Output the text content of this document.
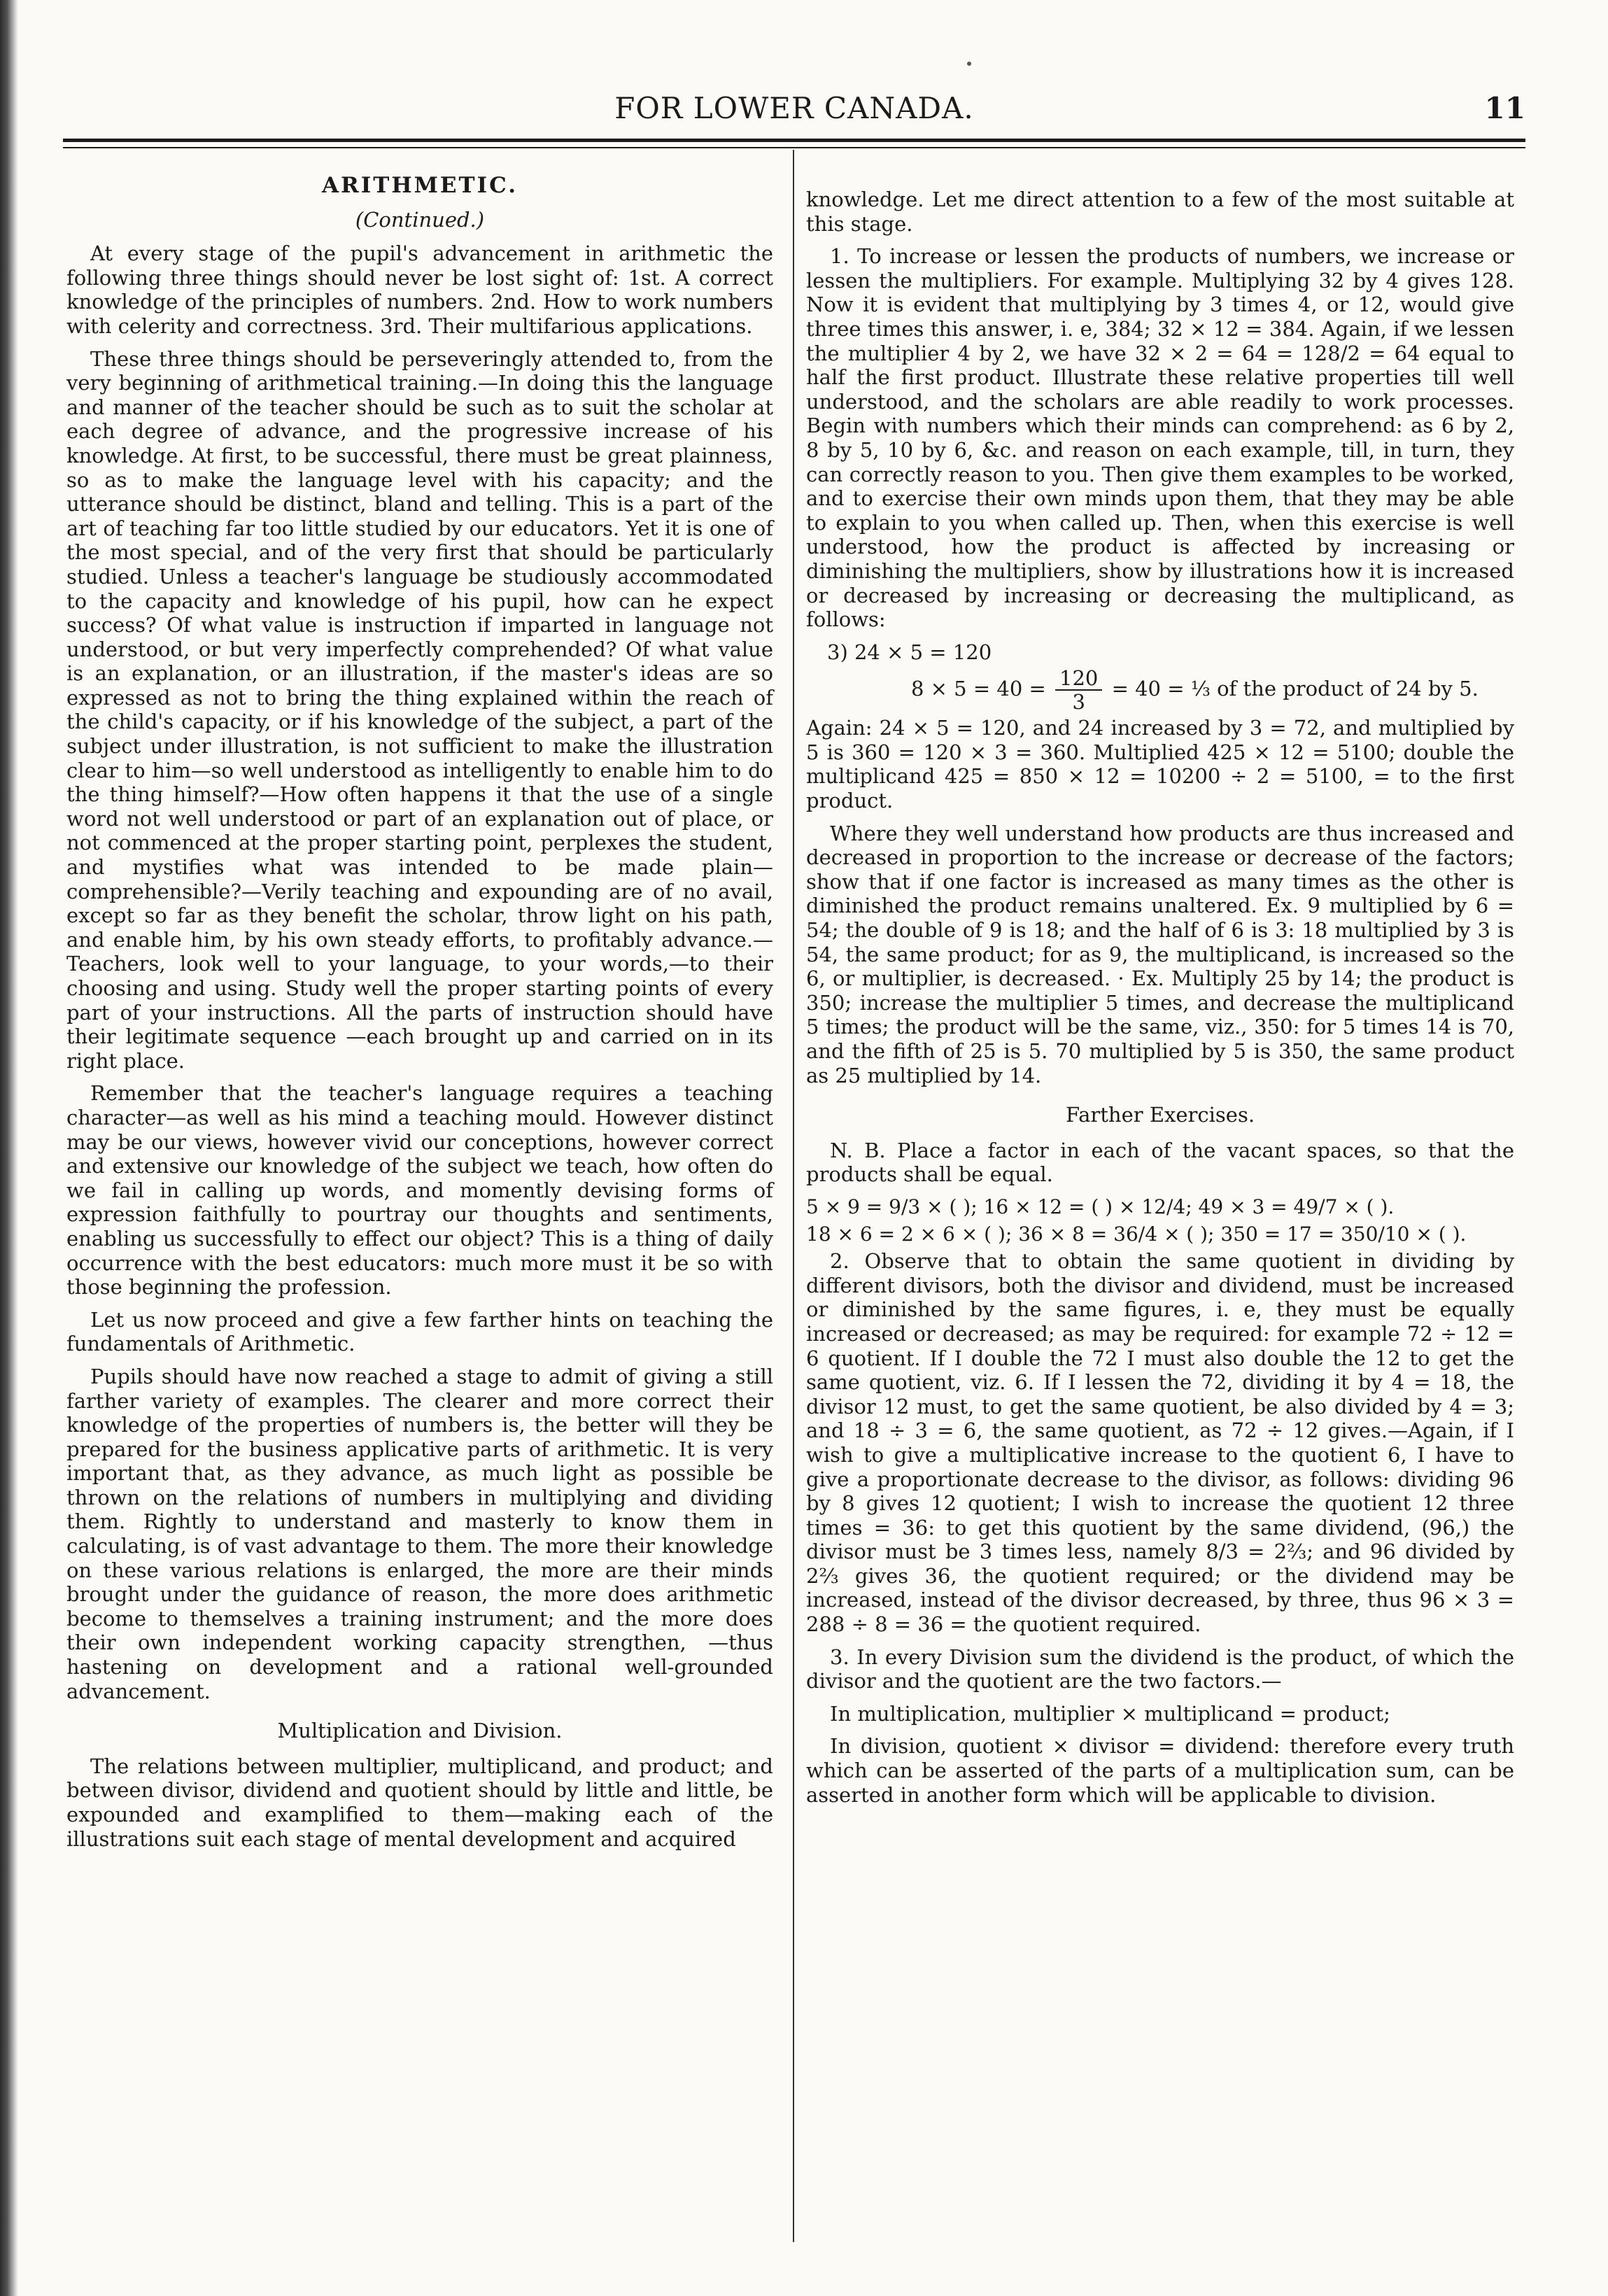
FOR LOWER CANADA.	11
ARITHMETIC.
(Continued.)

At every stage of the pupil's advancement in arithmetic the following three things should never be lost sight of: 1st. A correct knowledge of the principles of numbers. 2nd. How to work numbers with celerity and correctness. 3rd. Their multifarious applications.

These three things should be perseveringly attended to, from the very beginning of arithmetical training.—In doing this the language and manner of the teacher should be such as to suit the scholar at each degree of advance, and the progressive increase of his knowledge. At first, to be successful, there must be great plainness, so as to make the language level with his capacity; and the utterance should be distinct, bland and telling. This is a part of the art of teaching far too little studied by our educators. Yet it is one of the most special, and of the very first that should be particularly studied. Unless a teacher's language be studiously accommodated to the capacity and knowledge of his pupil, how can he expect success? Of what value is instruction if imparted in language not understood, or but very imperfectly comprehended? Of what value is an explanation, or an illustration, if the master's ideas are so expressed as not to bring the thing explained within the reach of the child's capacity, or if his knowledge of the subject, a part of the subject under illustration, is not sufficient to make the illustration clear to him—so well understood as intelligently to enable him to do the thing himself?—How often happens it that the use of a single word not well understood or part of an explanation out of place, or not commenced at the proper starting point, perplexes the student, and mystifies what was intended to be made plain—comprehensible?—Verily teaching and expounding are of no avail, except so far as they benefit the scholar, throw light on his path, and enable him, by his own steady efforts, to profitably advance.—Teachers, look well to your language, to your words,—to their choosing and using. Study well the proper starting points of every part of your instructions. All the parts of instruction should have their legitimate sequence —each brought up and carried on in its right place.

Remember that the teacher's language requires a teaching character—as well as his mind a teaching mould. However distinct may be our views, however vivid our conceptions, however correct and extensive our knowledge of the subject we teach, how often do we fail in calling up words, and momently devising forms of expression faithfully to pourtray our thoughts and sentiments, enabling us successfully to effect our object? This is a thing of daily occurrence with the best educators: much more must it be so with those beginning the profession.

Let us now proceed and give a few farther hints on teaching the fundamentals of Arithmetic.

Pupils should have now reached a stage to admit of giving a still farther variety of examples. The clearer and more correct their knowledge of the properties of numbers is, the better will they be prepared for the business applicative parts of arithmetic. It is very important that, as they advance, as much light as possible be thrown on the relations of numbers in multiplying and dividing them. Rightly to understand and masterly to know them in calculating, is of vast advantage to them. The more their knowledge on these various relations is enlarged, the more are their minds brought under the guidance of reason, the more does arithmetic become to themselves a training instrument; and the more does their own independent working capacity strengthen, —thus hastening on development and a rational well-grounded advancement.

Multiplication and Division.

The relations between multiplier, multiplicand, and product; and between divisor, dividend and quotient should by little and little, be expounded and examplified to them—making each of the illustrations suit each stage of mental development and acquired

knowledge. Let me direct attention to a few of the most suitable at this stage.

1. To increase or lessen the products of numbers, we increase or lessen the multipliers. For example. Multiplying 32 by 4 gives 128. Now it is evident that multiplying by 3 times 4, or 12, would give three times this answer, i. e, 384; 32 × 12 = 384. Again, if we lessen the multiplier 4 by 2, we have 32 × 2 = 64 = 128/2 = 64 equal to half the first product. Illustrate these relative properties till well understood, and the scholars are able readily to work processes. Begin with numbers which their minds can comprehend: as 6 by 2, 8 by 5, 10 by 6, &c. and reason on each example, till, in turn, they can correctly reason to you. Then give them examples to be worked, and to exercise their own minds upon them, that they may be able to explain to you when called up. Then, when this exercise is well understood, how the product is affected by increasing or diminishing the multipliers, show by illustrations how it is increased or decreased by increasing or decreasing the multiplicand, as follows:

3) 24 × 5 = 120
$8 \times 5 = 40 = \frac{120}{3} = 40$ = ⅓ of the product of 24 by 5.

Again: 24 × 5 = 120, and 24 increased by 3 = 72, and multiplied by 5 is 360 = 120 × 3 = 360. Multiplied 425 × 12 = 5100; double the multiplicand 425 = 850 × 12 = 10200 ÷ 2 = 5100, = to the first product.

Where they well understand how products are thus increased and decreased in proportion to the increase or decrease of the factors; show that if one factor is increased as many times as the other is diminished the product remains unaltered. Ex. 9 multiplied by 6 = 54; the double of 9 is 18; and the half of 6 is 3: 18 multiplied by 3 is 54, the same product; for as 9, the multiplicand, is increased so the 6, or multiplier, is decreased. · Ex. Multiply 25 by 14; the product is 350; increase the multiplier 5 times, and decrease the multiplicand 5 times; the product will be the same, viz., 350: for 5 times 14 is 70, and the fifth of 25 is 5. 70 multiplied by 5 is 350, the same product as 25 multiplied by 14.

Farther Exercises.

N. B. Place a factor in each of the vacant spaces, so that the products shall be equal.

5 × 9 = 9/3 × ( ); 16 × 12 = ( ) × 12/4; 49 × 3 = 49/7 × ( ).
18 × 6 = 2 × 6 × ( ); 36 × 8 = 36/4 × ( ); 350 = 17 = 350/10 × ( ).

2. Observe that to obtain the same quotient in dividing by different divisors, both the divisor and dividend, must be increased or diminished by the same figures, i. e, they must be equally increased or decreased; as may be required: for example 72 ÷ 12 = 6 quotient. If I double the 72 I must also double the 12 to get the same quotient, viz. 6. If I lessen the 72, dividing it by 4 = 18, the divisor 12 must, to get the same quotient, be also divided by 4 = 3; and 18 ÷ 3 = 6, the same quotient, as 72 ÷ 12 gives.—Again, if I wish to give a multiplicative increase to the quotient 6, I have to give a proportionate decrease to the divisor, as follows: dividing 96 by 8 gives 12 quotient; I wish to increase the quotient 12 three times = 36: to get this quotient by the same dividend, (96,) the divisor must be 3 times less, namely 8/3 = 2⅔; and 96 divided by 2⅔ gives 36, the quotient required; or the dividend may be increased, instead of the divisor decreased, by three, thus 96 × 3 = 288 ÷ 8 = 36 = the quotient required.

3. In every Division sum the dividend is the product, of which the divisor and the quotient are the two factors.—

In multiplication, multiplier × multiplicand = product;

In division, quotient × divisor = dividend: therefore every truth which can be asserted of the parts of a multiplication sum, can be asserted in another form which will be applicable to division.
